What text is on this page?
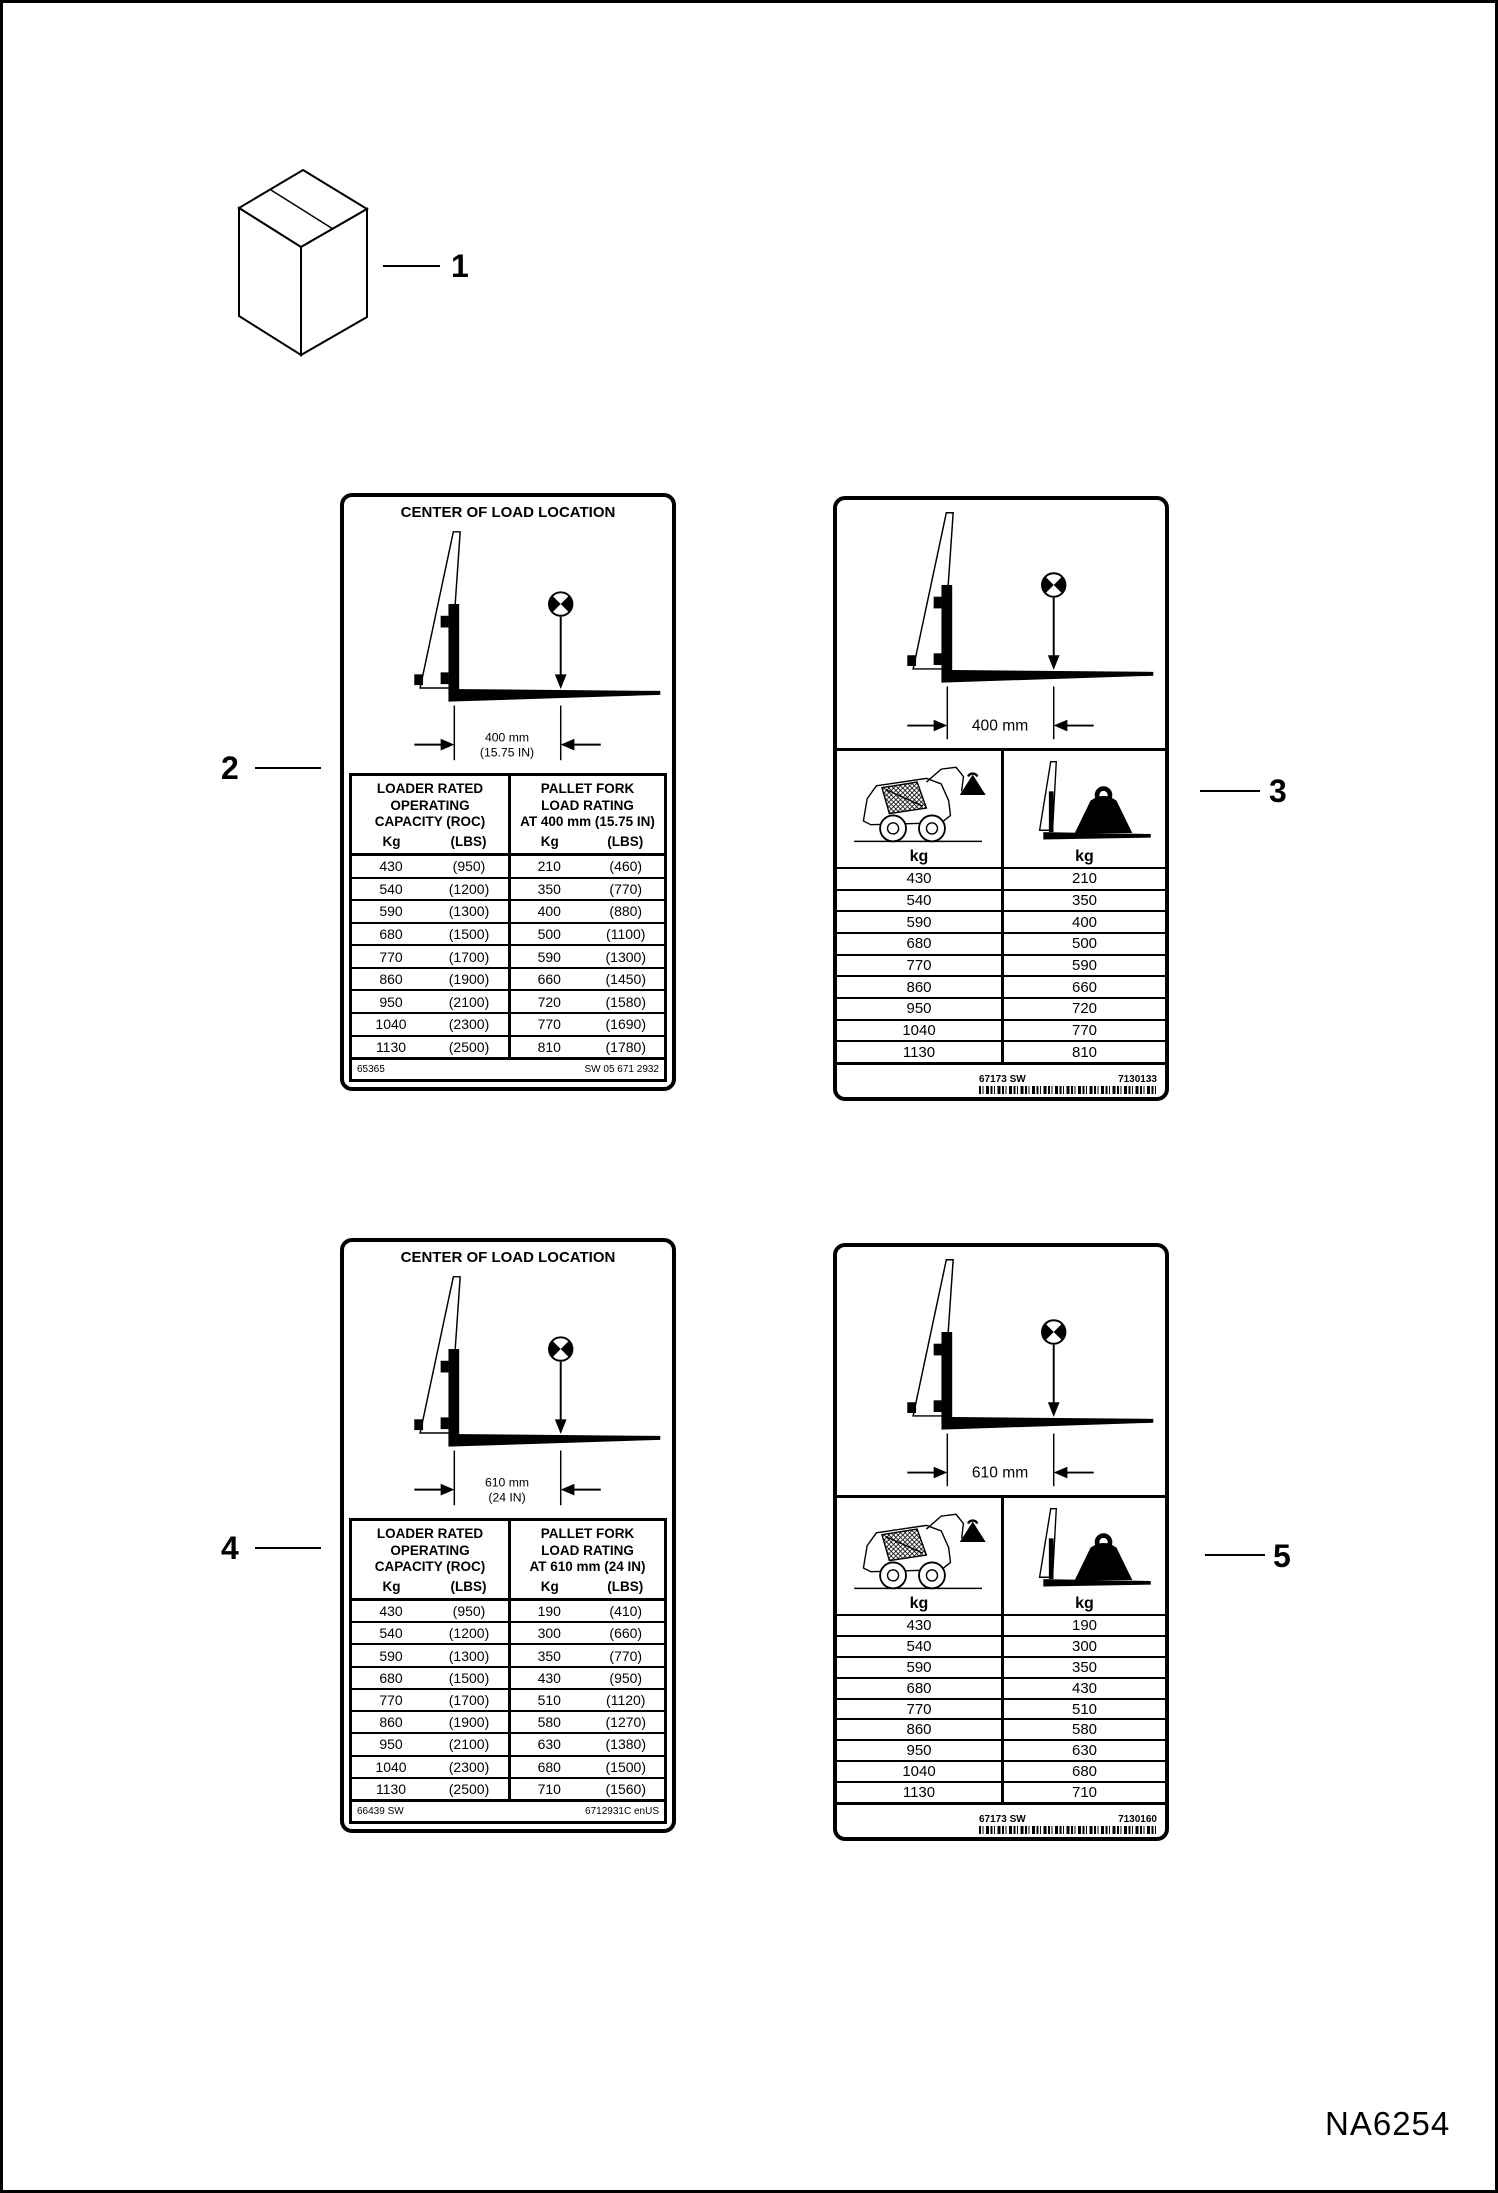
1
2
3
4	5
CENTER OF LOAD LOCATION
400 mm
(15.75 IN)
LOADER RATED
OPERATING
CAPACITY (ROC)
Kg	(LBS)
PALLET FORK
LOAD RATING
AT 400 mm (15.75 IN)
Kg	(LBS)
430	(950)	210	(460)
540	(1200)	350	(770)
590	(1300)	400	(880)
680	(1500)	500	(1100)
770	(1700)	590	(1300)
860	(1900)	660	(1450)
950	(2100)	720	(1580)
1040	(2300)	770	(1690)
1130	(2500)	810	(1780)
65365	SW 05 671 2932
400 mm
kg	kg
430	210
540	350
590	400
680	500
770	590
860	660
950	720
1040	770
1130	810
67173 SW	7130133
CENTER OF LOAD LOCATION
610 mm
(24 IN)
LOADER RATED
OPERATING
CAPACITY (ROC)
Kg	(LBS)
PALLET FORK
LOAD RATING
AT 610 mm (24 IN)
Kg	(LBS)
430	(950)	190	(410)
540	(1200)	300	(660)
590	(1300)	350	(770)
680	(1500)	430	(950)
770	(1700)	510	(1120)
860	(1900)	580	(1270)
950	(2100)	630	(1380)
1040	(2300)	680	(1500)
1130	(2500)	710	(1560)
66439 SW	6712931C enUS
610 mm
kg	kg
430	190
540	300
590	350
680	430
770	510
860	580
950	630
1040	680
1130	710
67173 SW	7130160
NA6254
